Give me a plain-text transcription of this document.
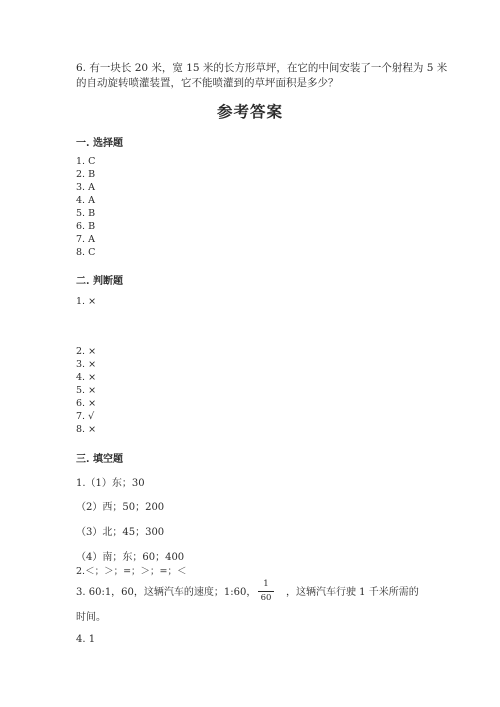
6. 有一块长 20 米，宽 15 米的长方形草坪，在它的中间安装了一个射程为 5 米
的自动旋转喷灌装置，它不能喷灌到的草坪面积是多少？
参考答案
一. 选择题
1. C
2. B
3. A
4. A
5. B
6. B
7. A
8. C
二. 判断题
1. ×
2. ×
3. ×
4. ×
5. ×
6. ×
7. √
8. ×
三. 填空题
1.（1）东；30
（2）西；50；200
（3）北；45；300
（4）南；东；60；400
2.＜；＞；=；＞；=；＜
3. 60:1，60，这辆汽车的速度；1:60，
1
60 ，这辆汽车行驶 1 千米所需的
时间。
4. 1
